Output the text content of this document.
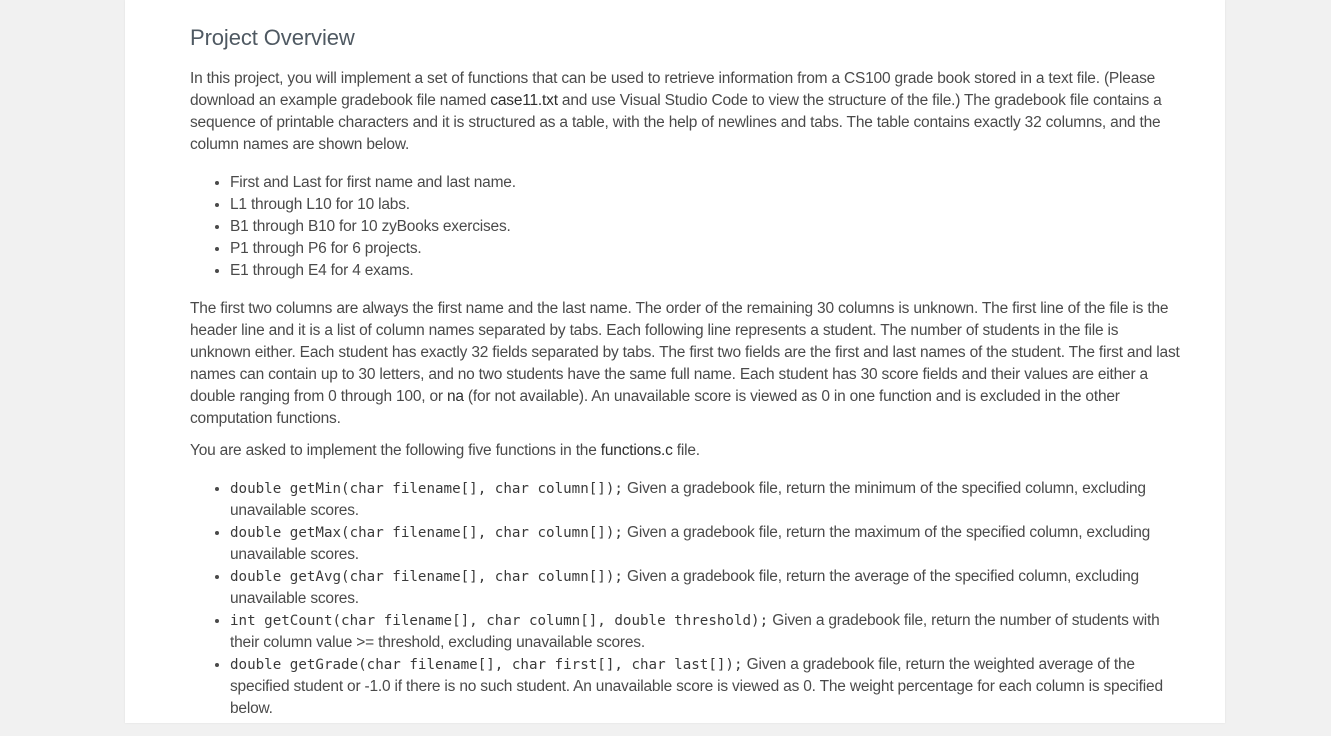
Project Overview

In this project, you will implement a set of functions that can be used to retrieve information from a CS100 grade book stored in a text file. (Please download an example gradebook file named case11.txt and use Visual Studio Code to view the structure of the file.) The gradebook file contains a sequence of printable characters and it is structured as a table, with the help of newlines and tabs. The table contains exactly 32 columns, and the column names are shown below.

• First and Last for first name and last name.
• L1 through L10 for 10 labs.
• B1 through B10 for 10 zyBooks exercises.
• P1 through P6 for 6 projects.
• E1 through E4 for 4 exams.

The first two columns are always the first name and the last name. The order of the remaining 30 columns is unknown. The first line of the file is the header line and it is a list of column names separated by tabs. Each following line represents a student. The number of students in the file is unknown either. Each student has exactly 32 fields separated by tabs. The first two fields are the first and last names of the student. The first and last names can contain up to 30 letters, and no two students have the same full name. Each student has 30 score fields and their values are either a double ranging from 0 through 100, or na (for not available). An unavailable score is viewed as 0 in one function and is excluded in the other computation functions.

You are asked to implement the following five functions in the functions.c file.

• double getMin(char filename[], char column[]); Given a gradebook file, return the minimum of the specified column, excluding unavailable scores.
• double getMax(char filename[], char column[]); Given a gradebook file, return the maximum of the specified column, excluding unavailable scores.
• double getAvg(char filename[], char column[]); Given a gradebook file, return the average of the specified column, excluding unavailable scores.
• int getCount(char filename[], char column[], double threshold); Given a gradebook file, return the number of students with their column value >= threshold, excluding unavailable scores.
• double getGrade(char filename[], char first[], char last[]); Given a gradebook file, return the weighted average of the specified student or -1.0 if there is no such student. An unavailable score is viewed as 0. The weight percentage for each column is specified below.
